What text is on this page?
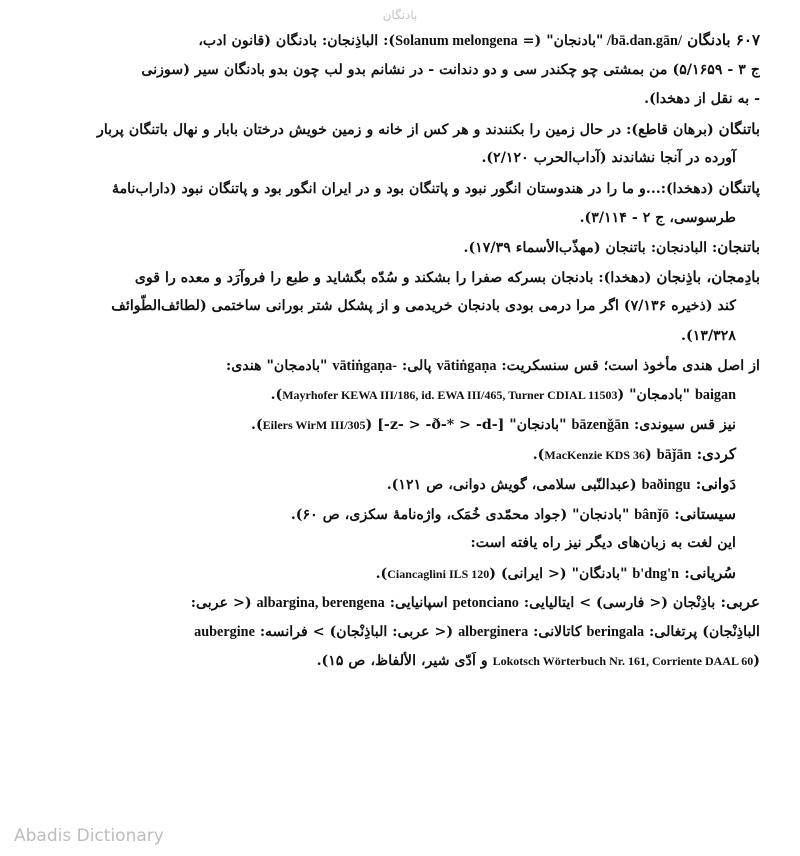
بادنگان
۶۰۷ بادنگان /bā.dan.gān/ "بادنجان" (= Solanum melongena): الباذِنجان: بادنگان (قانون ادب،
ج ۳ - ۵/۱۶۵۹) من بمشتی چو چکندر سی و دو دندانت - در نشانم بدو لب چون بدو بادنگان سیر (سوزنی
- به نقل از دهخدا).
باتنگان (برهان قاطع): در حال زمین را بکنندند و هر کس از خانه و زمین خویش درختان بابار و نهال باتنگان پربار
آورده در آنجا نشاندند (آداب‌الحرب ۲/۱۲۰).
پاتنگان (دهخدا):...و ما را در هندوستان انگور نبود و پاتنگان بود و در ایران انگور بود و پاتنگان نبود (داراب‌نامهٔ
طرسوسی، ج ۲ - ۳/۱۱۴).
باتنجان: البادنجان: باتنجان (مهذّب‌الأسماء ۱۷/۳۹).
بادِمجان، باذِنجان (دهخدا): بادنجان بسرکه صفرا را بشکند و سُدّه بگشاید و طبع را فروآرَد و معده را قوی
کند (ذخیره ۷/۱۳۶) اگر مرا درمی بودی بادنجان خریدمی و از پشکل شتر بورانی ساختمی (لطائف‌الطّوائف
۱۳/۳۲۸).
از اصل هندی مأخوذ است؛ قس سنسکریت: vātiṅgaṇa پالی: -vātiṅgaṇa "بادمجان" هندی:
baigan "بادمجان" (Mayrhofer KEWA III/186, id. EWA III/465, Turner CDIAL 11503).
نیز قس سیوندی: bāzenǧān "بادنجان" [-z- > -ð-* > -d-] (Eilers WirM III/305).
کردی: bāǰān (MacKenzie KDS 36).
دَوانی: baðingu (عبدالنّبی سلامی، گویش دوانی، ص ۱۲۱).
سیستانی: bânǰō "بادنجان" (جواد محمّدی خُمَک، واژه‌نامهٔ سکزی، ص ۶۰).
این لغت به زبان‌های دیگر نیز راه یافته است:
سُریانی: b'dng'n "بادنگان" (< ایرانی) (Ciancaglini ILS 120).
عربی: باذِنْجان (< فارسی) > ایتالیایی: petonciano اسپانیایی: albargina, berengena (< عربی:
الباذِنْجان) پرتغالی: beringala کاتالانی: alberginera (< عربی: الباذِنْجان) > فرانسه: aubergine
(Lokotsch Wörterbuch Nr. 161, Corriente DAAL 60 و اَدّی شیر، الألفاظ، ص ۱۵).
Abadis Dictionary
